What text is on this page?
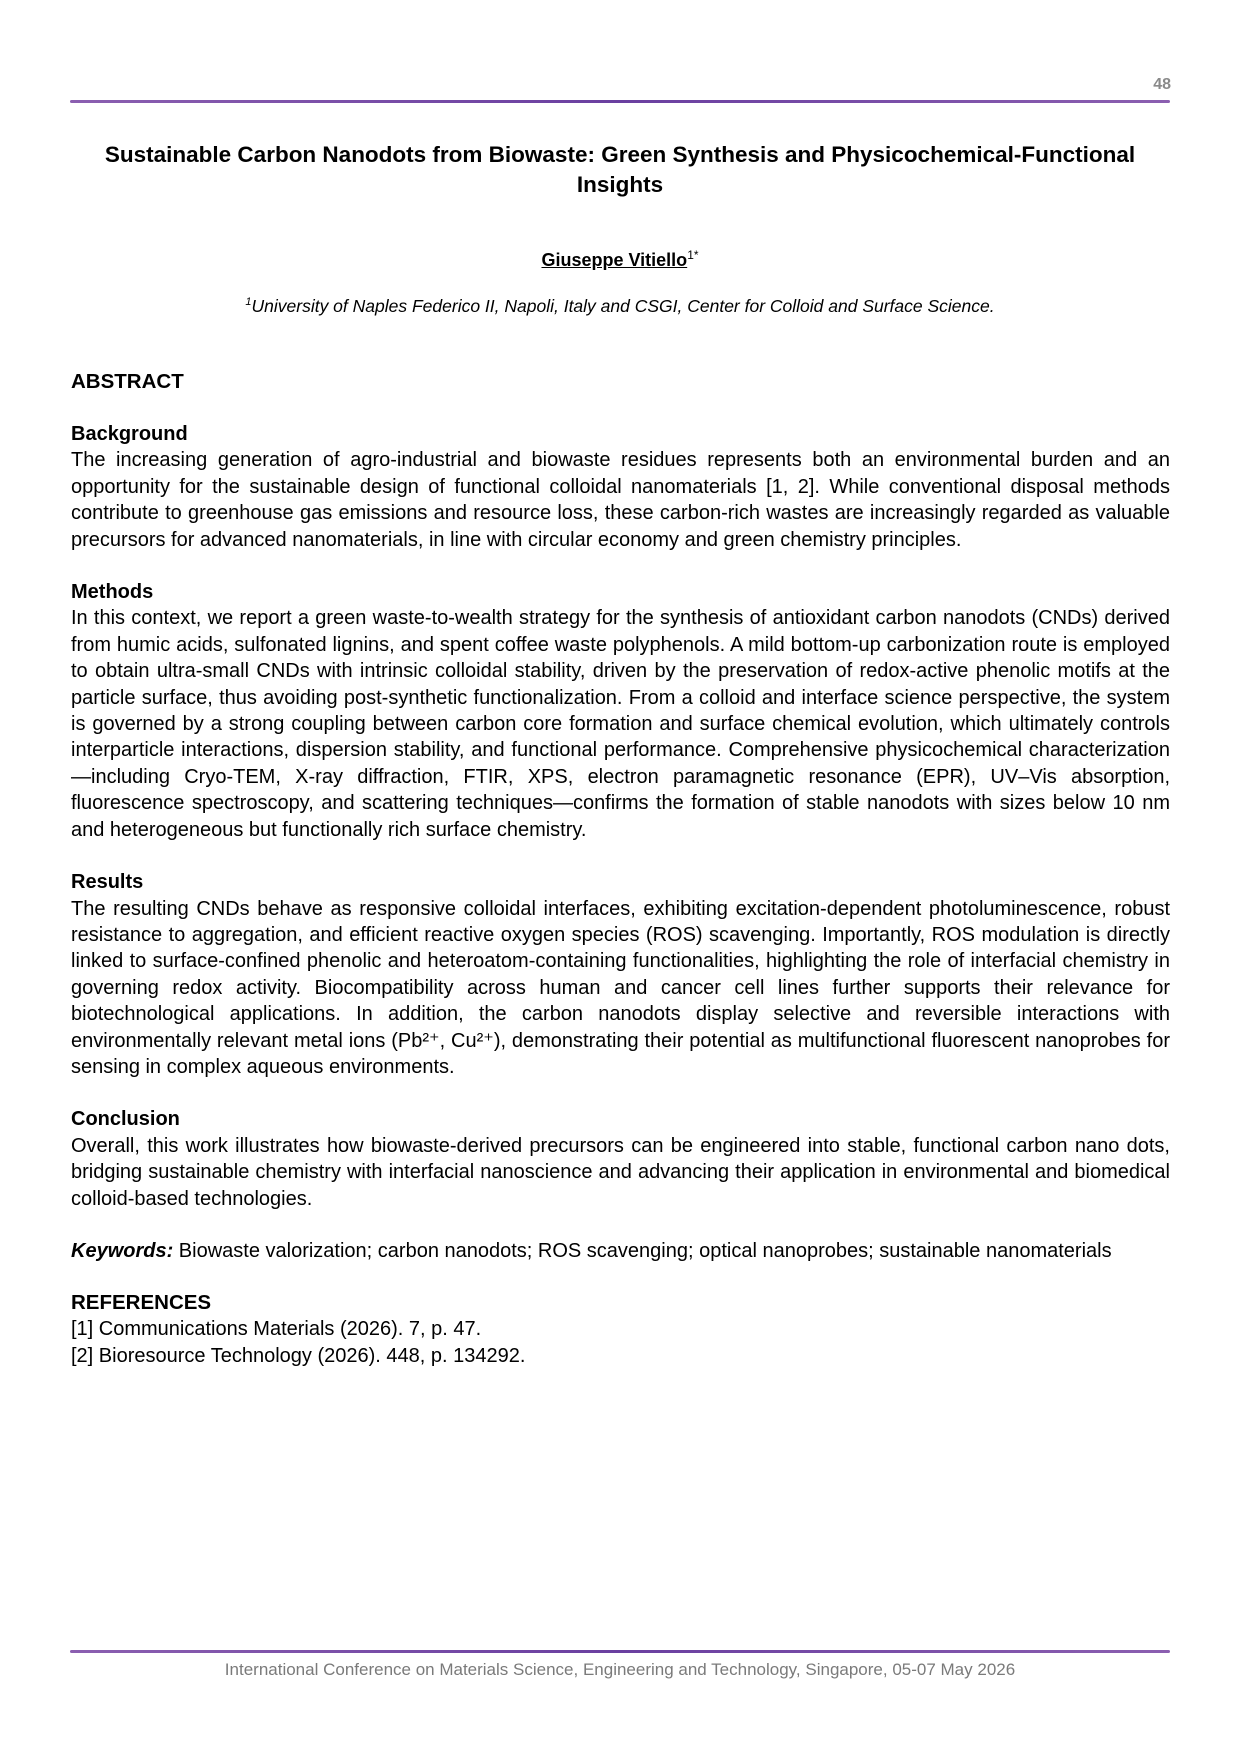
48
Sustainable Carbon Nanodots from Biowaste: Green Synthesis and Physicochemical-Functional Insights
Giuseppe Vitiello$^{1*}$
$^1$University of Naples Federico II, Napoli, Italy and CSGI, Center for Colloid and Surface Science.
ABSTRACT
Background

The increasing generation of agro-industrial and biowaste residues represents both an environmental burden and an opportunity for the sustainable design of functional colloidal nanomaterials [1, 2]. While conventional disposal methods contribute to greenhouse gas emissions and resource loss, these carbon-rich wastes are increasingly regarded as valuable precursors for advanced nanomaterials, in line with circular economy and green chemistry principles.

Methods

In this context, we report a green waste-to-wealth strategy for the synthesis of antioxidant carbon nanodots (CNDs) derived from humic acids, sulfonated lignins, and spent coffee waste polyphenols. A mild bottom-up carbonization route is employed to obtain ultra-small CNDs with intrinsic colloidal stability, driven by the preservation of redox-active phenolic motifs at the particle surface, thus avoiding post-synthetic functionalization. From a colloid and interface science perspective, the system is governed by a strong coupling between carbon core formation and surface chemical evolution, which ultimately controls interparticle interactions, dispersion stability, and functional performance. Comprehensive physicochemical characterization—including Cryo-TEM, X-ray diffraction, FTIR, XPS, electron paramagnetic resonance (EPR), UV–Vis absorption, fluorescence spectroscopy, and scattering techniques—confirms the formation of stable nanodots with sizes below 10 nm and heterogeneous but functionally rich surface chemistry.

Results

The resulting CNDs behave as responsive colloidal interfaces, exhibiting excitation-dependent photoluminescence, robust resistance to aggregation, and efficient reactive oxygen species (ROS) scavenging. Importantly, ROS modulation is directly linked to surface-confined phenolic and heteroatom-containing functionalities, highlighting the role of interfacial chemistry in governing redox activity. Biocompatibility across human and cancer cell lines further supports their relevance for biotechnological applications. In addition, the carbon nanodots display selective and reversible interactions with environmentally relevant metal ions (Pb²⁺, Cu²⁺), demonstrating their potential as multifunctional fluorescent nanoprobes for sensing in complex aqueous environments.

Conclusion

Overall, this work illustrates how biowaste-derived precursors can be engineered into stable, functional carbon nano dots, bridging sustainable chemistry with interfacial nanoscience and advancing their application in environmental and biomedical colloid-based technologies.

Keywords: Biowaste valorization; carbon nanodots; ROS scavenging; optical nanoprobes; sustainable nanomaterials

REFERENCES

[1] Communications Materials (2026). 7, p. 47.

[2] Bioresource Technology (2026). 448, p. 134292.

International Conference on Materials Science, Engineering and Technology, Singapore, 05-07 May 2026
